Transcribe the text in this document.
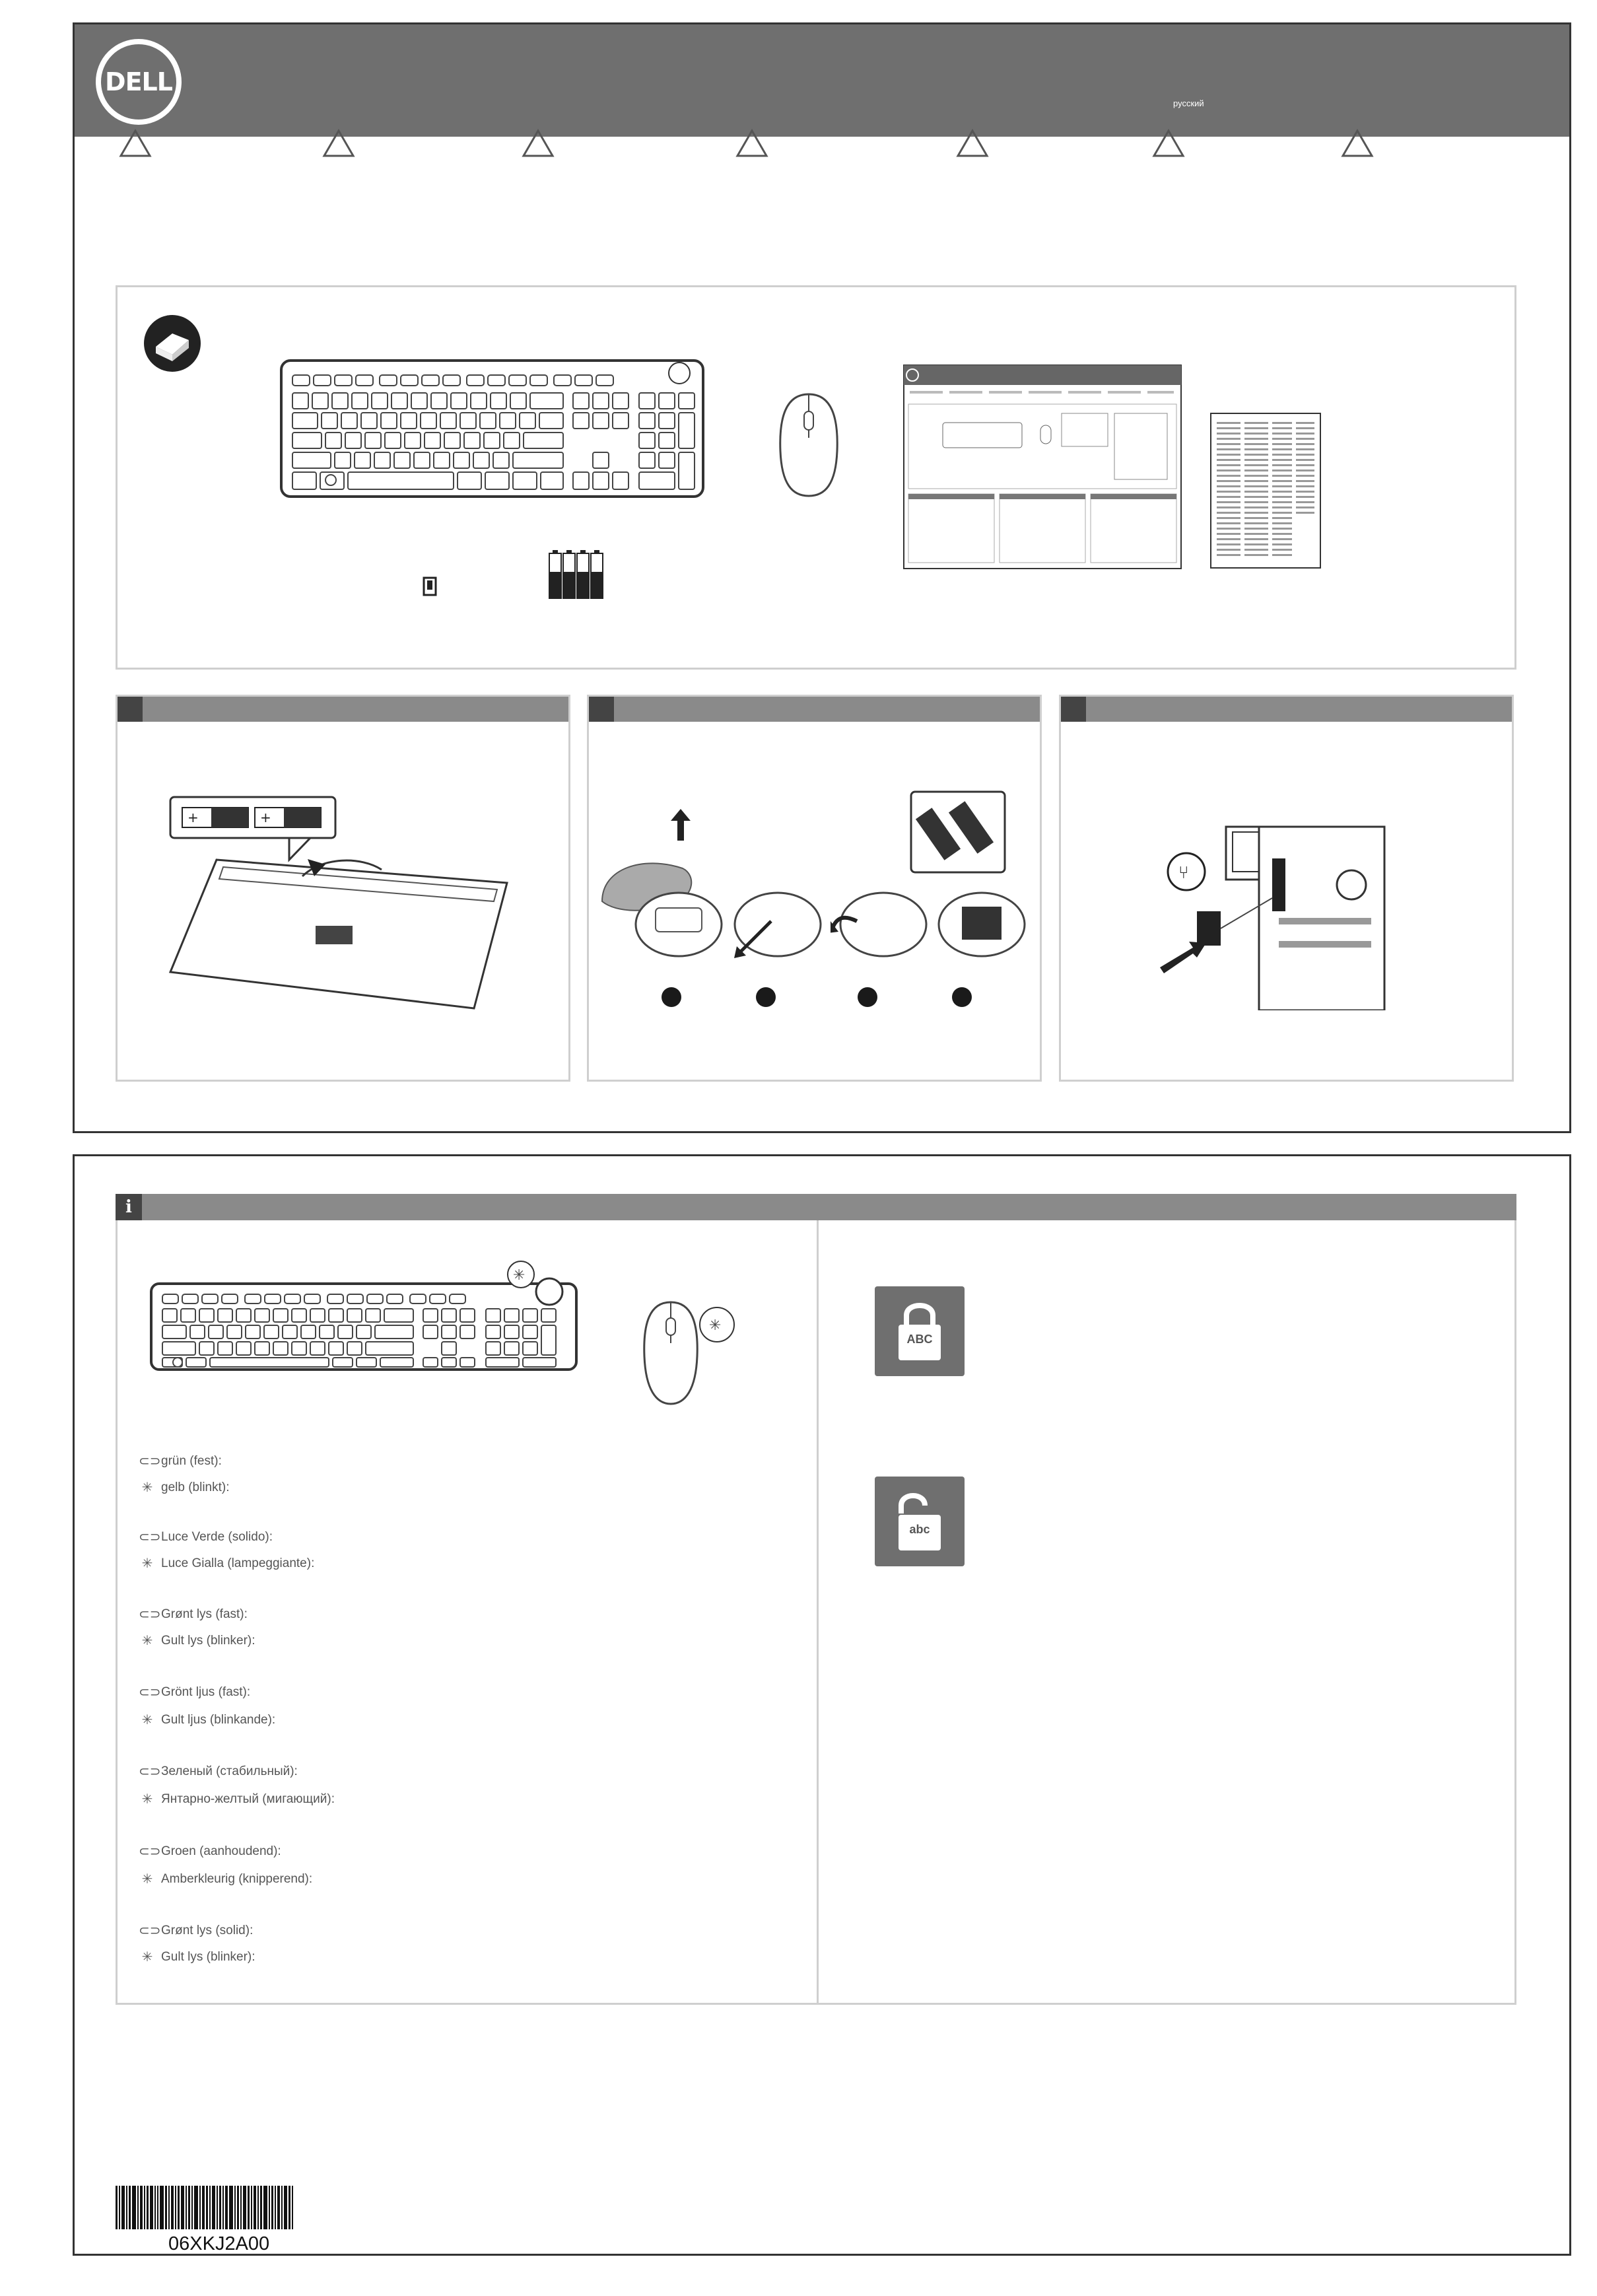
DELL
русский
+	+
⑂
i
✳
✳
⊂⊃ grün (fest):
✳ gelb (blinkt):
⊂⊃ Luce Verde (solido):
✳ Luce Gialla (lampeggiante):
⊂⊃ Grønt lys (fast):
✳ Gult lys (blinker):
⊂⊃ Grönt ljus (fast):
✳ Gult ljus (blinkande):
⊂⊃ Зеленый (стабильный):
✳ Янтарно-желтый (мигающий):
⊂⊃ Groen (aanhoudend):
✳ Amberkleurig (knipperend):
⊂⊃ Grønt lys (solid):
✳ Gult lys (blinker):
ABC
abc
06XKJ2A00
